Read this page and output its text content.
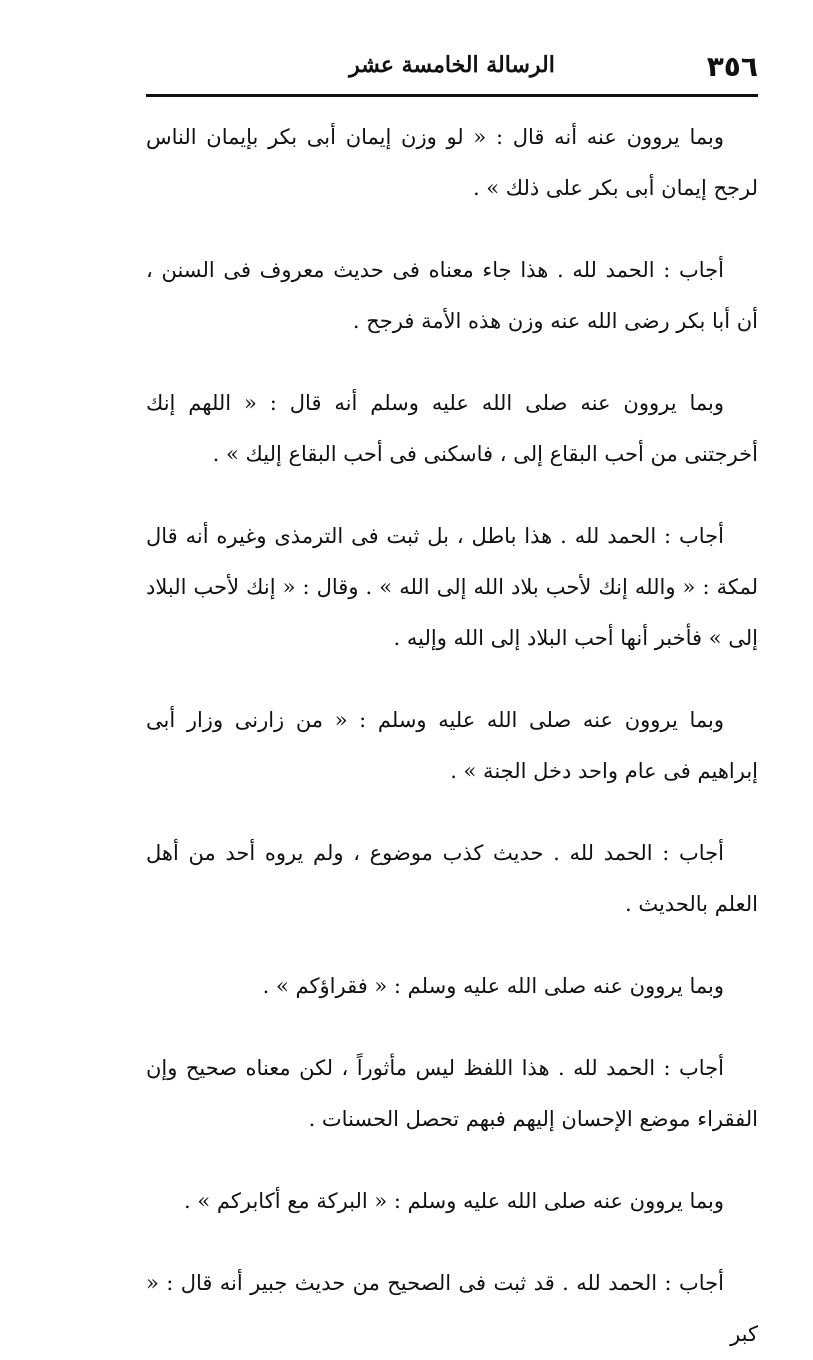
٣٥٦
الرسالة الخامسة عشر

وبما يروون عنه أنه قال : « لو وزن إيمان أبى بكر بإيمان الناس لرجح إيمان أبى بكر على ذلك » .

أجاب : الحمد لله . هذا جاء معناه فى حديث معروف فى السنن ، أن أبا بكر رضى الله عنه وزن هذه الأمة فرجح .

وبما يروون عنه صلى الله عليه وسلم أنه قال : « اللهم إنك أخرجتنى من أحب البقاع إلى ، فاسكنى فى أحب البقاع إليك » .

أجاب : الحمد لله . هذا باطل ، بل ثبت فى الترمذى وغيره أنه قال لمكة : « والله إنك لأحب بلاد الله إلى الله » . وقال : « إنك لأحب البلاد إلى » فأخبر أنها أحب البلاد إلى الله وإليه .

وبما يروون عنه صلى الله عليه وسلم : « من زارنى وزار أبى إبراهيم فى عام واحد دخل الجنة » .

أجاب : الحمد لله . حديث كذب موضوع ، ولم يروه أحد من أهل العلم بالحديث .

وبما يروون عنه صلى الله عليه وسلم : « فقراؤكم » .

أجاب : الحمد لله . هذا اللفظ ليس مأثوراً ، لكن معناه صحيح وإن الفقراء موضع الإحسان إليهم فبهم تحصل الحسنات .

وبما يروون عنه صلى الله عليه وسلم : « البركة مع أكابركم » .

أجاب : الحمد لله . قد ثبت فى الصحيح من حديث جبير أنه قال : « كبر
